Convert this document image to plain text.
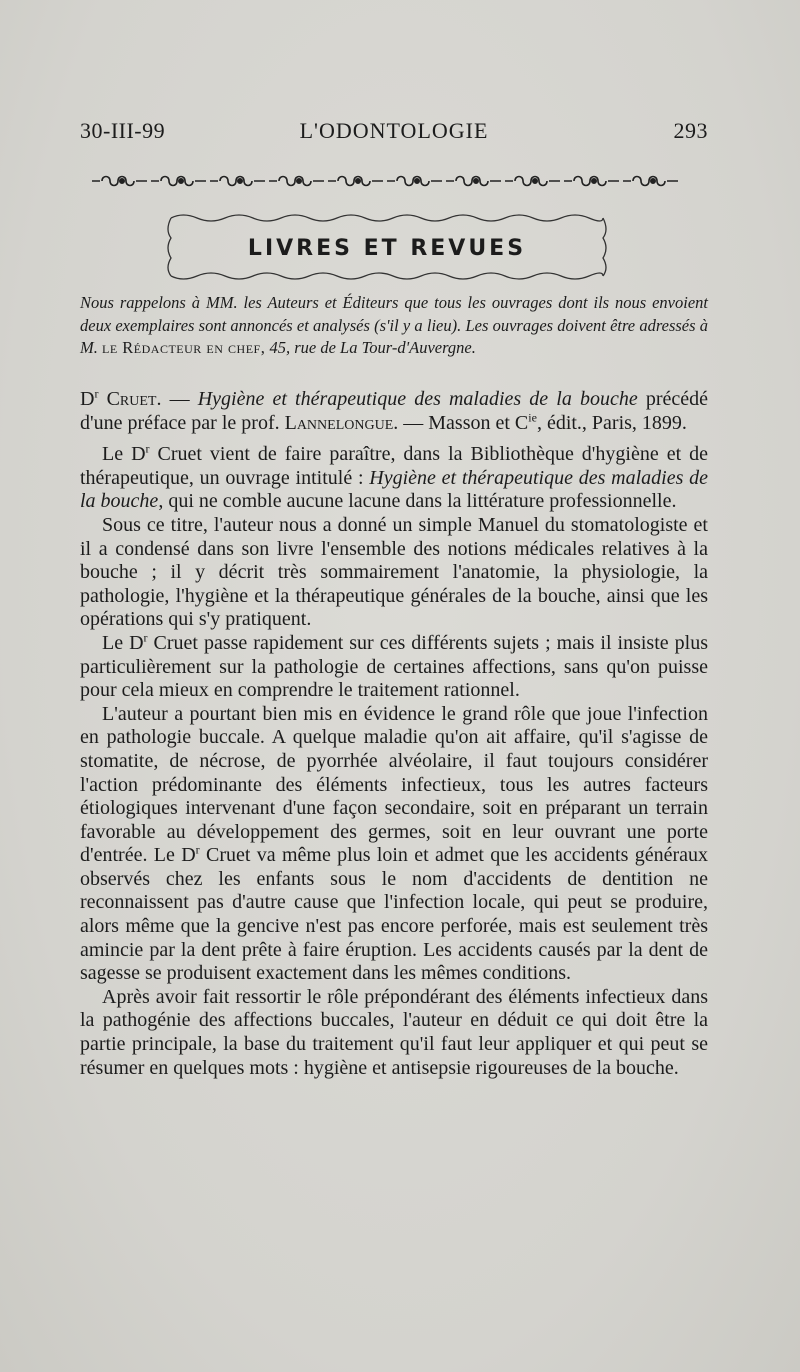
30-III-99	L'ODONTOLOGIE	293
LIVRES ET REVUES
Nous rappelons à MM. les Auteurs et Éditeurs que tous les ouvrages dont ils nous envoient deux exemplaires sont annoncés et analysés (s'il y a lieu). Les ouvrages doivent être adressés à M. le Rédacteur en chef, 45, rue de La Tour-d'Auvergne.

$D^r$ Cruet. — Hygiène et thérapeutique des maladies de la bouche précédé d'une préface par le prof. Lannelongue. — Masson et $C^{ie}$, édit., Paris, 1899.

Le $D^r$ Cruet vient de faire paraître, dans la Bibliothèque d'hygiène et de thérapeutique, un ouvrage intitulé : Hygiène et thérapeutique des maladies de la bouche, qui ne comble aucune lacune dans la littérature professionnelle.

Sous ce titre, l'auteur nous a donné un simple Manuel du stomatologiste et il a condensé dans son livre l'ensemble des notions médicales relatives à la bouche ; il y décrit très sommairement l'anatomie, la physiologie, la pathologie, l'hygiène et la thérapeutique générales de la bouche, ainsi que les opérations qui s'y pratiquent.

Le $D^r$ Cruet passe rapidement sur ces différents sujets ; mais il insiste plus particulièrement sur la pathologie de certaines affections, sans qu'on puisse pour cela mieux en comprendre le traitement rationnel.

L'auteur a pourtant bien mis en évidence le grand rôle que joue l'infection en pathologie buccale. A quelque maladie qu'on ait affaire, qu'il s'agisse de stomatite, de nécrose, de pyorrhée alvéolaire, il faut toujours considérer l'action prédominante des éléments infectieux, tous les autres facteurs étiologiques intervenant d'une façon secondaire, soit en préparant un terrain favorable au développement des germes, soit en leur ouvrant une porte d'entrée. Le $D^r$ Cruet va même plus loin et admet que les accidents généraux observés chez les enfants sous le nom d'accidents de dentition ne reconnaissent pas d'autre cause que l'infection locale, qui peut se produire, alors même que la gencive n'est pas encore perforée, mais est seulement très amincie par la dent prête à faire éruption. Les accidents causés par la dent de sagesse se produisent exactement dans les mêmes conditions.

Après avoir fait ressortir le rôle prépondérant des éléments infectieux dans la pathogénie des affections buccales, l'auteur en déduit ce qui doit être la partie principale, la base du traitement qu'il faut leur appliquer et qui peut se résumer en quelques mots : hygiène et antisepsie rigoureuses de la bouche.
